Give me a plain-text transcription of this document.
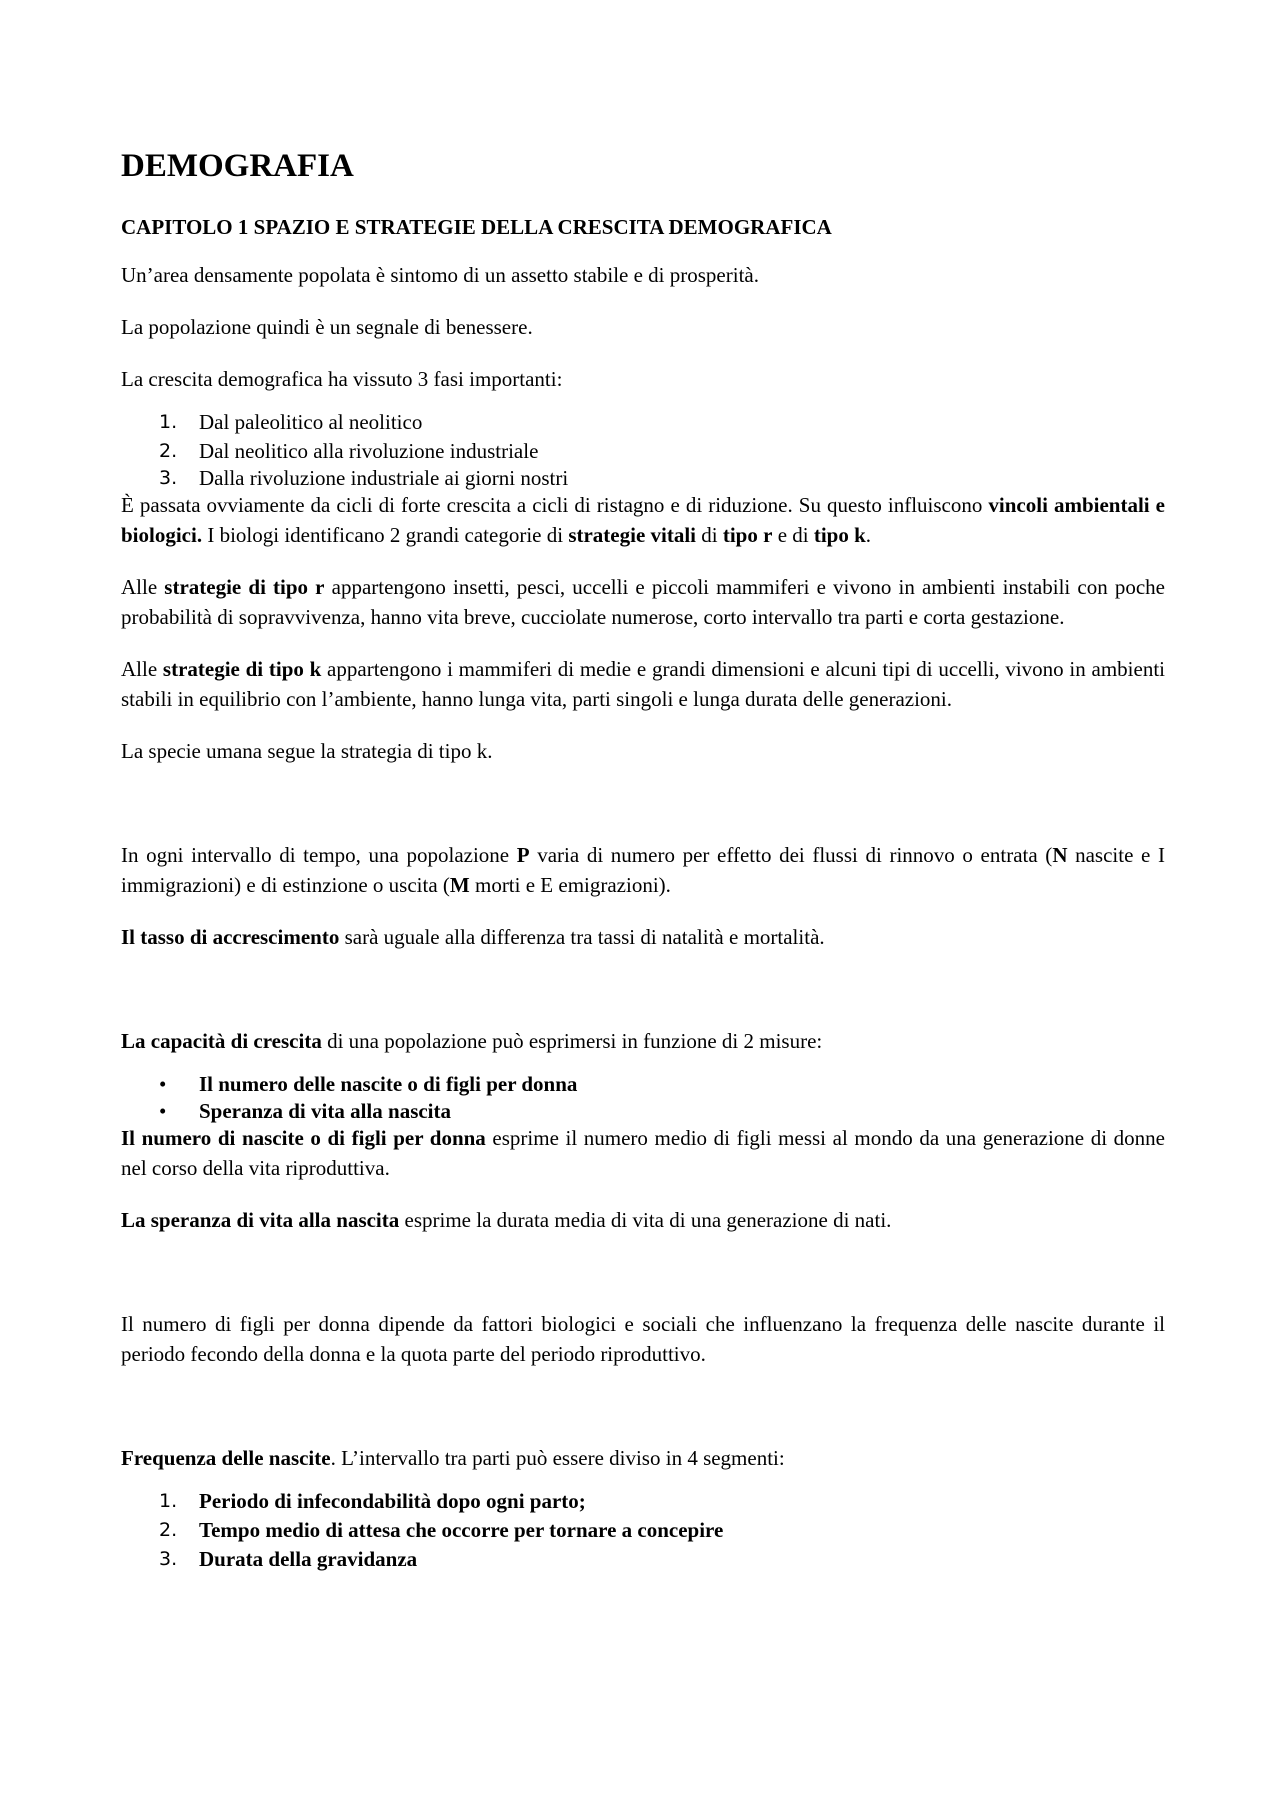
DEMOGRAFIA
CAPITOLO 1 SPAZIO E STRATEGIE DELLA CRESCITA DEMOGRAFICA

Un’area densamente popolata è sintomo di un assetto stabile e di prosperità.

La popolazione quindi è un segnale di benessere.

La crescita demografica ha vissuto 3 fasi importanti:

1. Dal paleolitico al neolitico
2. Dal neolitico alla rivoluzione industriale
3. Dalla rivoluzione industriale ai giorni nostri

È passata ovviamente da cicli di forte crescita a cicli di ristagno e di riduzione. Su questo influiscono vincoli ambientali e biologici. I biologi identificano 2 grandi categorie di strategie vitali di tipo r e di tipo k.

Alle strategie di tipo r appartengono insetti, pesci, uccelli e piccoli mammiferi e vivono in ambienti instabili con poche probabilità di sopravvivenza, hanno vita breve, cucciolate numerose, corto intervallo tra parti e corta gestazione.

Alle strategie di tipo k appartengono i mammiferi di medie e grandi dimensioni e alcuni tipi di uccelli, vivono in ambienti stabili in equilibrio con l’ambiente, hanno lunga vita, parti singoli e lunga durata delle generazioni.

La specie umana segue la strategia di tipo k.

In ogni intervallo di tempo, una popolazione P varia di numero per effetto dei flussi di rinnovo o entrata (N nascite e I immigrazioni) e di estinzione o uscita (M morti e E emigrazioni).

Il tasso di accrescimento sarà uguale alla differenza tra tassi di natalità e mortalità.

La capacità di crescita di una popolazione può esprimersi in funzione di 2 misure:

• Il numero delle nascite o di figli per donna
• Speranza di vita alla nascita

Il numero di nascite o di figli per donna esprime il numero medio di figli messi al mondo da una generazione di donne nel corso della vita riproduttiva.

La speranza di vita alla nascita esprime la durata media di vita di una generazione di nati.

Il numero di figli per donna dipende da fattori biologici e sociali che influenzano la frequenza delle nascite durante il periodo fecondo della donna e la quota parte del periodo riproduttivo.

Frequenza delle nascite. L’intervallo tra parti può essere diviso in 4 segmenti:

1. Periodo di infecondabilità dopo ogni parto;
2. Tempo medio di attesa che occorre per tornare a concepire
3. Durata della gravidanza
